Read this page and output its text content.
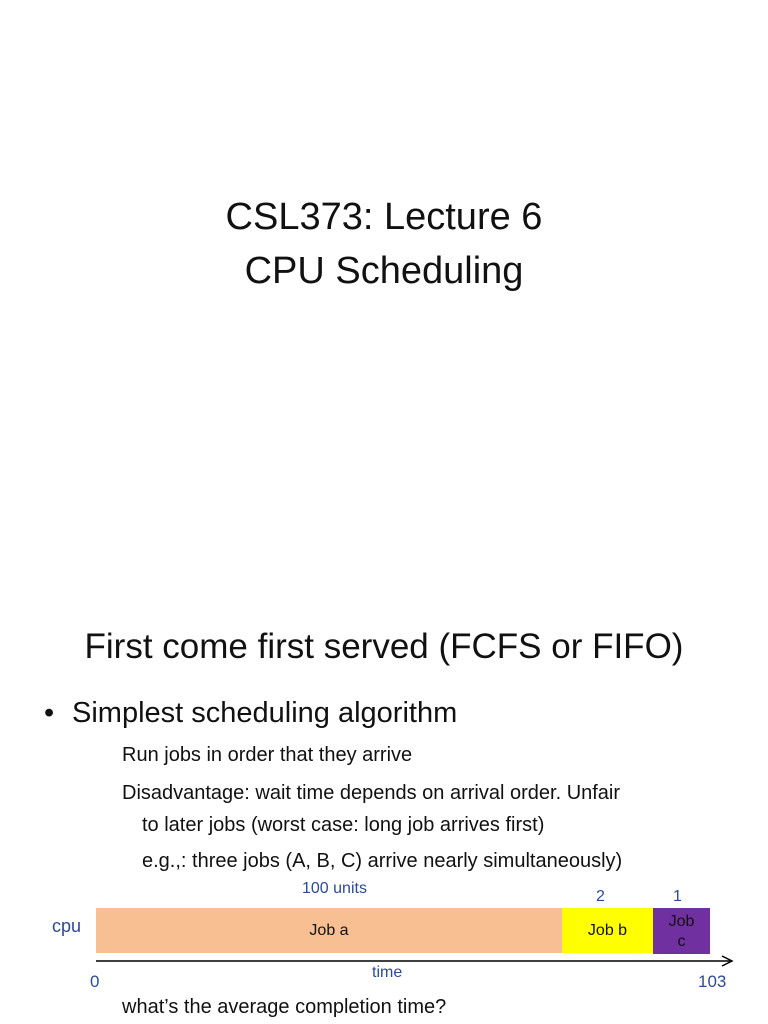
CSL373: Lecture 6
CPU Scheduling
First come first served (FCFS or FIFO)
• Simplest scheduling algorithm
Run jobs in order that they arrive
Disadvantage: wait time depends on arrival order. Unfair
to later jobs (worst case: long job arrives first)
e.g.,: three jobs (A, B, C) arrive nearly simultaneously)
100 units	2	1
cpu	Job a	Job b
Job
c
time
0	103
what’s the average completion time?
